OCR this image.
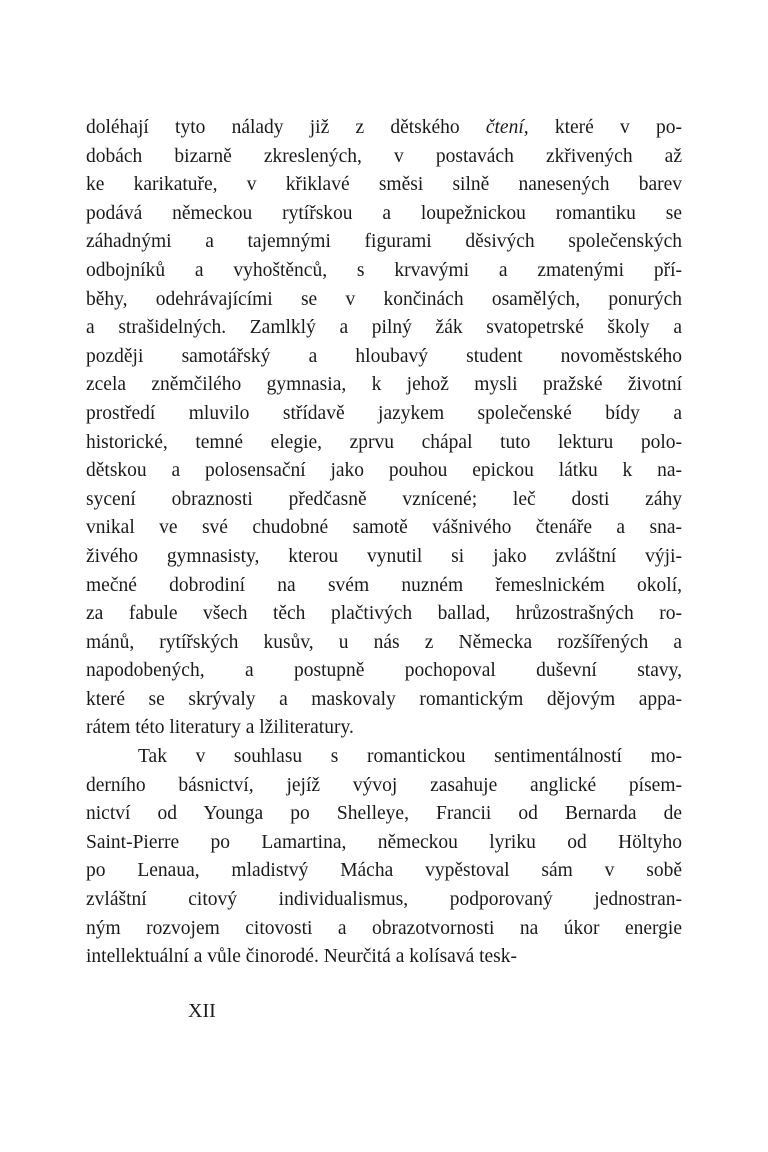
doléhají tyto nálady již z dětského čtení, které v po-
dobách bizarně zkreslených, v postavách zkřivených až
ke karikatuře, v křiklavé směsi silně nanesených barev
podává německou rytířskou a loupežnickou romantiku se
záhadnými a tajemnými figurami děsivých společenských
odbojníků a vyhoštěnců, s krvavými a zmatenými pří-
běhy, odehrávajícími se v končinách osamělých, ponurých
a strašidelných. Zamlklý a pilný žák svatopetrské školy a
později samotářský a hloubavý student novoměstského
zcela zněmčilého gymnasia, k jehož mysli pražské životní
prostředí mluvilo střídavě jazykem společenské bídy a
historické, temné elegie, zprvu chápal tuto lekturu polo-
dětskou a polosensační jako pouhou epickou látku k na-
sycení obraznosti předčasně vznícené; leč dosti záhy
vnikal ve své chudobné samotě vášnivého čtenáře a sna-
živého gymnasisty, kterou vynutil si jako zvláštní výji-
mečné dobrodiní na svém nuzném řemeslnickém okolí,
za fabule všech těch plačtivých ballad, hrůzostrašných ro-
mánů, rytířských kusův, u nás z Německa rozšířených a
napodobených, a postupně pochopoval duševní stavy,
které se skrývaly a maskovaly romantickým dějovým appa-
rátem této literatury a lžiliteratury.
Tak v souhlasu s romantickou sentimentálností mo-
derního básnictví, jejíž vývoj zasahuje anglické písem-
nictví od Younga po Shelleye, Francii od Bernarda de
Saint-Pierre po Lamartina, německou lyriku od Höltyho
po Lenaua, mladistvý Mácha vypěstoval sám v sobě
zvláštní citový individualismus, podporovaný jednostran-
ným rozvojem citovosti a obrazotvornosti na úkor energie
intellektuální a vůle činorodé. Neurčitá a kolísavá tesk-
XII
